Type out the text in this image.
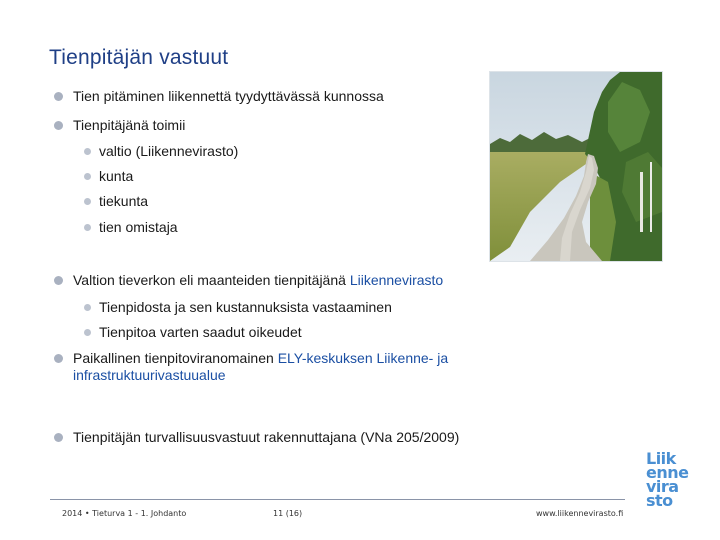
Tienpitäjän vastuut
Tien pitäminen liikennettä tyydyttävässä kunnossa
Tienpitäjänä toimii
valtio (Liikennevirasto)
kunta
tiekunta
tien omistaja
Valtion tieverkon eli maanteiden tienpitäjänä Liikennevirasto
Tienpidosta ja sen kustannuksista vastaaminen
Tienpitoa varten saadut oikeudet
Paikallinen tienpitoviranomainen ELY-keskuksen Liikenne- ja
infrastruktuurivastuualue
Tienpitäjän turvallisuusvastuut rakennuttajana (VNa 205/2009)
2014 • Tieturva 1 - 1. Johdanto	11 (16)	www.liikennevirasto.fi
Liik
enne
vira
sto
